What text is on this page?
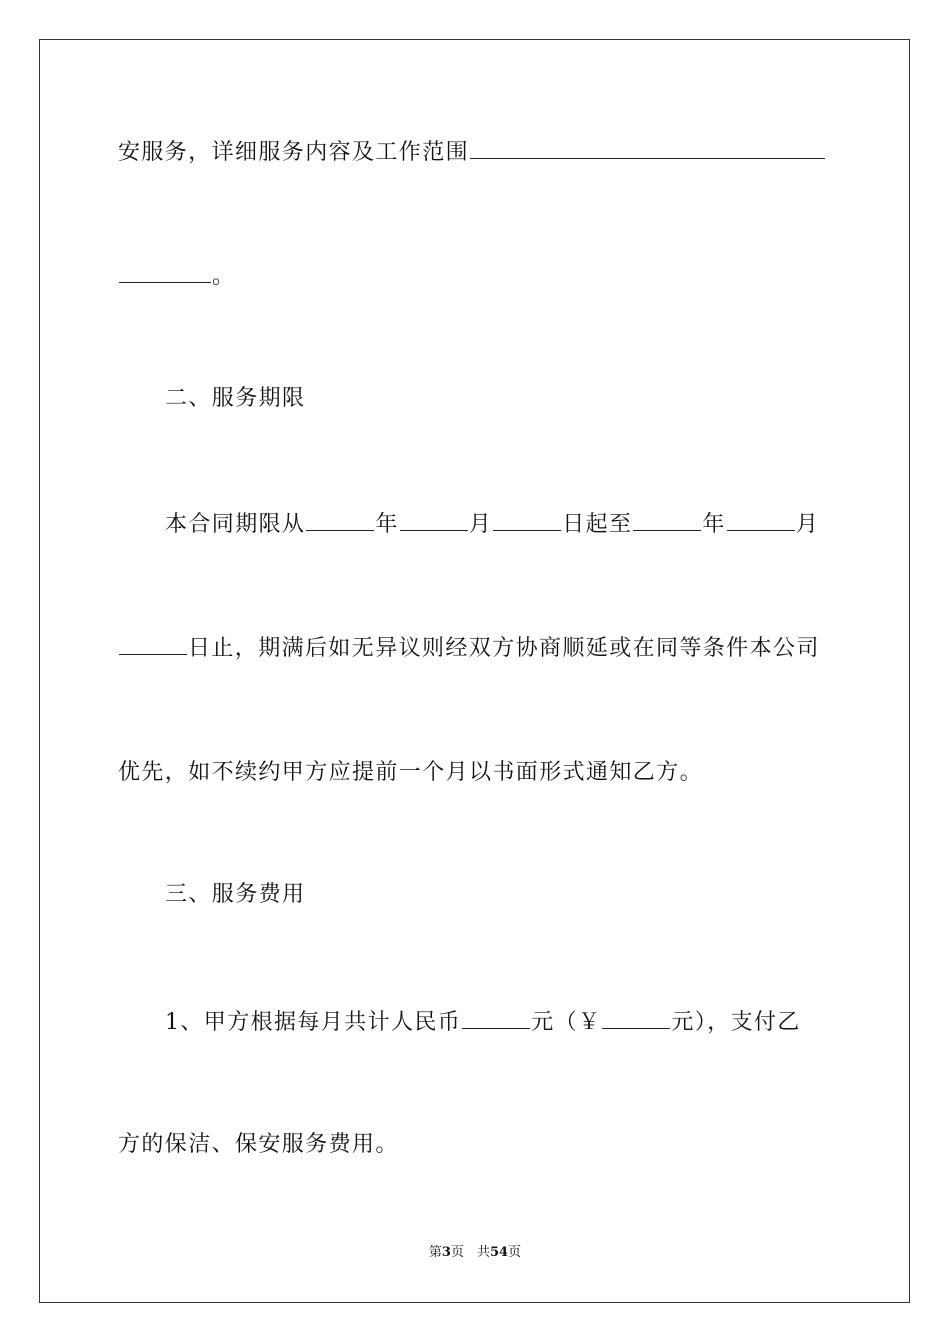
安服务，详细服务内容及工作范围
。
二、服务期限
本合同期限从	年	月	日起至	年	月
日止，期满后如无异议则经双方协商顺延或在同等条件本公司
优先，如不续约甲方应提前一个月以书面形式通知乙方。
三、服务费用
1、甲方根据每月共计人民币	元（￥	元），支付乙
方的保洁、保安服务费用。
第3页　共54页
